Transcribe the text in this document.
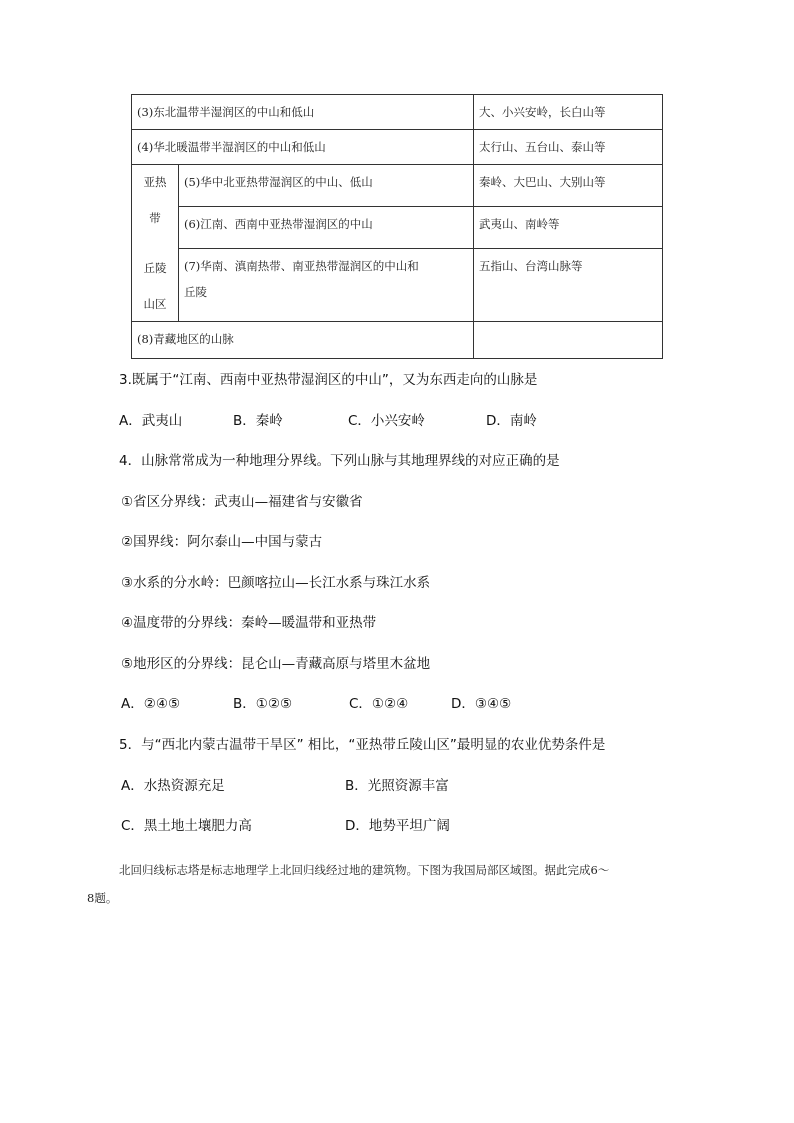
(3)东北温带半湿润区的中山和低山		大、小兴安岭，长白山等
(4)华北暖温带半湿润区的中山和低山		太行山、五台山、泰山等

亚热
带
丘陵
山区	(5)华中北亚热带湿润区的中山、低山	秦岭、大巴山、大别山等
	(6)江南、西南中亚热带湿润区的中山	武夷山、南岭等

	(7)华南、滇南热带、南亚热带湿润区的中山和
丘陵	五指山、台湾山脉等
(8)青藏地区的山脉		
3.既属于“江南、西南中亚热带湿润区的中山”，又为东西走向的山脉是
A．武夷山	B．秦岭	C．小兴安岭	D．南岭
4．山脉常常成为一种地理分界线。下列山脉与其地理界线的对应正确的是
①省区分界线：武夷山—福建省与安徽省
②国界线：阿尔泰山—中国与蒙古
③水系的分水岭：巴颜喀拉山—长江水系与珠江水系
④温度带的分界线：秦岭—暖温带和亚热带
⑤地形区的分界线：昆仑山—青藏高原与塔里木盆地
A．②④⑤	B．①②⑤	C．①②④	D．③④⑤
5．与“西北内蒙古温带干旱区” 相比，“亚热带丘陵山区”最明显的农业优势条件是
A．水热资源充足	B．光照资源丰富
C．黑土地土壤肥力高	D．地势平坦广阔
北回归线标志塔是标志地理学上北回归线经过地的建筑物。下图为我国局部区域图。据此完成6～
8题。
